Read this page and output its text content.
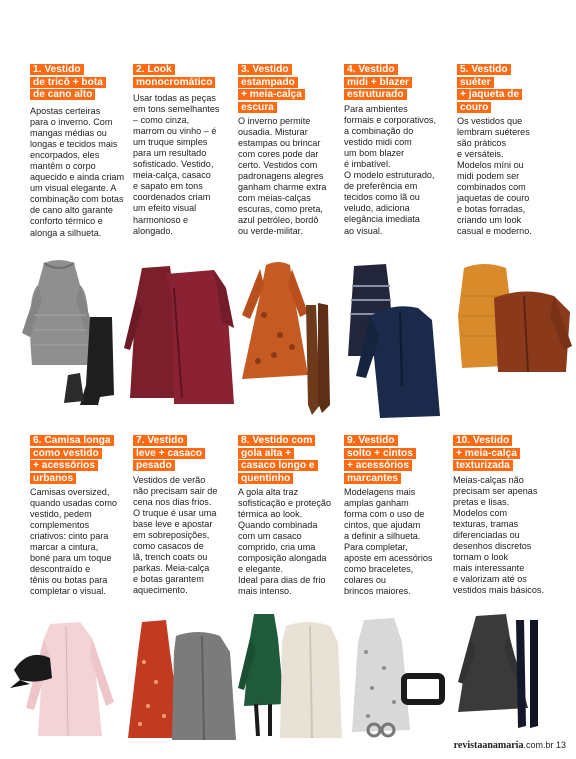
1. Vestido
de tricô + bota
de cano alto
Apostas certeiras
para o inverno. Com
mangas médias ou
longas e tecidos mais
encorpados, eles
mantêm o corpo
aquecido e ainda criam
um visual elegante. A
combinação com botas
de cano alto garante
conforto térmico e
alonga a silhueta.
2. Look
monocromático
Usar todas as peças
em tons semelhantes
– como cinza,
marrom ou vinho – é
um truque simples
para um resultado
sofisticado. Vestido,
meia-calça, casaco
e sapato em tons
coordenados criam
um efeito visual
harmonioso e
alongado.
3. Vestido
estampado
+ meia-calça
escura
O inverno permite
ousadia. Misturar
estampas ou brincar
com cores pode dar
certo. Vestidos com
padronagens alegres
ganham charme extra
com meias-calças
escuras, como preta,
azul petróleo, bordô
ou verde-militar.
4. Vestido
midi + blazer
estruturado
Para ambientes
formais e corporativos,
a combinação do
vestido midi com
um bom blazer
é imbatível.
O modelo estruturado,
de preferência em
tecidos como lã ou
veludo, adiciona
elegância imediata
ao visual.
5. Vestido
suéter
+ jaqueta de
couro
Os vestidos que
lembram suéteres
são práticos
e versáteis.
Modelos míni ou
midi podem ser
combinados com
jaquetas de couro
e botas forradas,
criando um look
casual e moderno.
6. Camisa longa
como vestido
+ acessórios
urbanos
Camisas oversized,
quando usadas como
vestido, pedem
complementos
criativos: cinto para
marcar a cintura,
boné para um toque
descontraído e
tênis ou botas para
completar o visual.
7. Vestido
leve + casaco
pesado
Vestidos de verão
não precisam sair de
cena nos dias frios.
O truque é usar uma
base leve e apostar
em sobreposições,
como casacos de
lã, trench coats ou
parkas. Meia-calça
e botas garantem
aquecimento.
8. Vestido com
gola alta +
casaco longo e
quentinho
A gola alta traz
sofisticação e proteção
térmica ao look.
Quando combinada
com um casaco
comprido, cria uma
composição alongada
e elegante.
Ideal para dias de frio
mais intenso.
9. Vestido
solto + cintos
+ acessórios
marcantes
Modelagens mais
amplas ganham
forma com o uso de
cintos, que ajudam
a definir a silhueta.
Para completar,
aposte em acessórios
como braceletes,
colares ou
brincos maiores.
10. Vestido
+ meia-calça
texturizada
Meias-calças não
precisam ser apenas
pretas e lisas.
Modelos com
texturas, tramas
diferenciadas ou
desenhos discretos
tornam o look
mais interessante
e valorizam até os
vestidos mais básicos.
revistaanamaria.com.br 13
